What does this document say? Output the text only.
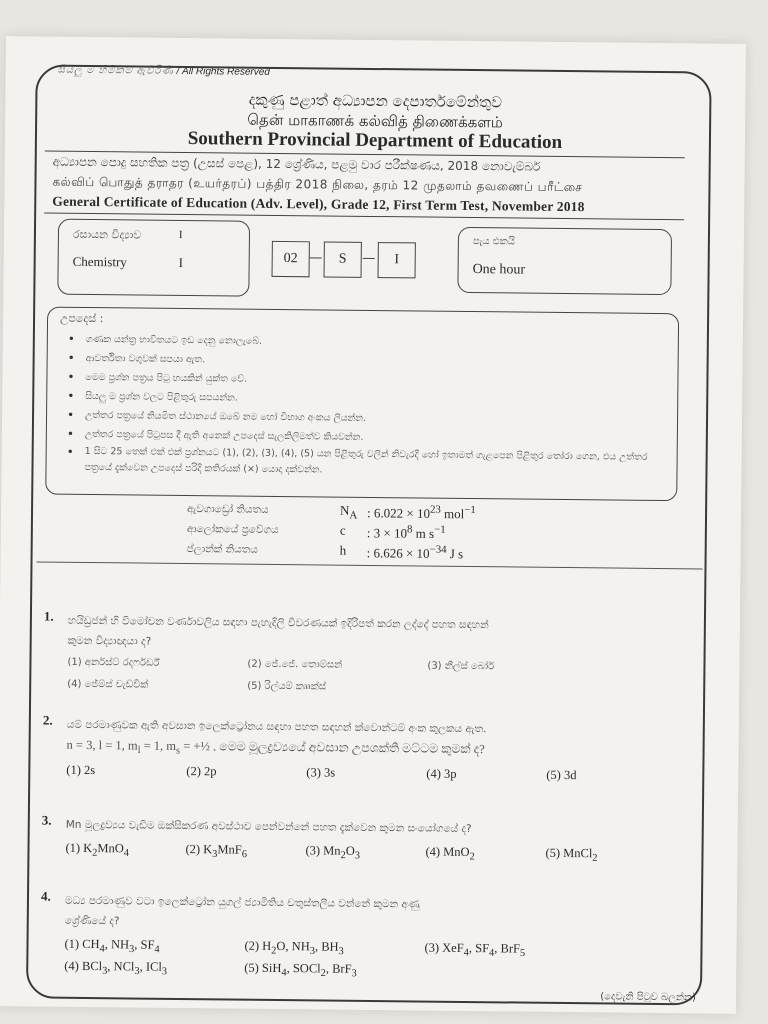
සියලු ම හිමිකම් ඇවිරිණි / All Rights Reserved
දකුණු පළාත් අධ්‍යාපන දෙපාර්තමේන්තුව
தென் மாகாணக் கல்வித் திணைக்களம்
Southern Provincial Department of Education
අධ්‍යාපන පොදු සහතික පත්‍ර (උසස් පෙළ), 12 ශ්‍රේණිය, පළමු වාර පරීක්ෂණය, 2018 නොවැම්බර්
கல்விப் பொதுத் தராதர (உயர்தரப்) பத்திர 2018 நிலை, தரம் 12 முதலாம் தவணைப் பரீட்சை
General Certificate of Education (Adv. Level), Grade 12, First Term Test, November 2018
රසායන විද්‍යාව	I
Chemistry	I	02	S	I
පැය එකයි
One hour
උපදෙස් :
• ගණක යන්ත්‍ර භාවිතයට ඉඩ දෙනු නොලැබේ.
• ආවර්තිතා වගුවක් සපයා ඇත.
• මෙම ප්‍රශ්න පත්‍රය පිටු හයකින් යුක්ත වේ.
• සියලු ම ප්‍රශ්න වලට පිළිතුරු සපයන්න.
• උත්තර පත්‍රයේ නියමිත ස්ථානයේ ඔබේ නම හෝ විභාග අංකය ලියන්න.
• උත්තර පත්‍රයේ පිටුපස දී ඇති අනෙක් උපදෙස් සැලකිලිමත්ව කියවන්න.
• 1 සිට 25 තෙක් එක් එක් ප්‍රශ්නයට (1), (2), (3), (4), (5) යන පිළිතුරු වලින් නිවැරදි හෝ ඉතාමත් ගැළපෙන පිළිතුර තෝරා ගෙන, එය උත්තර පත්‍රයේ දැක්වෙන උපදෙස් පරිදි කතිරයක් (×) යොදා දක්වන්න.
ඇවගාඩ්‍රෝ නියතය	$N_A$ : $6.022 \times 10^{23}$ mol$^{-1}$
ආලෝකයේ ප්‍රවේගය	c	: $3 \times 10^8$ m $s^{-1}$
ප්ලාන්ක් නියතය	h	: $6.626 \times 10^{-34}$ J s
1. හයිඩ්‍රජන් හි විමෝචන වර්ණාවලිය සඳහා පැහැදිලි විවරණයක් ඉදිරිපත් කරන ලද්දේ පහත සඳහන්
කුමන විද්‍යාඥයා ද?
(1) අර්නස්ට් රදර්ෆර්ඩ්	(2) ජේ.ජේ. තොම්සන්	(3) නීල්ස් බෝර්
(4) ජේම්ස් චැඩ්වික්	(5) රිල්යම් ක්‍රූක්ස්
2. යම් පරමාණුවක ඇති අවසාන ඉලෙක්ට්‍රෝනය සඳහා පහත සඳහන් ක්වොන්ටම් අංක කුලකය ඇත.
n = 3, l = 1, $m_l = 1$, $m_s$ = +½ . මෙම මූලද්‍රව්‍යයේ අවසාන උපශක්ති මට්ටම කුමක් ද?
(1) 2s	(2) 2p	(3) 3s	(4) 3p	(5) 3d
3. Mn මූලද්‍රව්‍යය වැඩිම ඔක්සිකරණ අවස්ථාව පෙන්වන්නේ පහත දැක්වෙන කුමන සංයෝගයේ ද?
(1) $K_2MnO_4$	(2) $K_3MnF_6$	(3) $Mn_2O_3$	(4) MnO$_2$	(5) MnCl$_2$
4. මධ්‍ය පරමාණුව වටා ඉලෙක්ට්‍රෝන යුගල් ජ්‍යාමිතිය චතුස්තලීය වන්නේ කුමන අණු
ශ්‍රේණියේ ද?
(1) $CH_4$, $NH_3$, $SF_4$	(2) $H_2O$, $NH_3$, $BH_3$	(3) XeF$_4$, $SF_4$, BrF$_5$
(4) BCl$_3$, NCl$_3$, ICl$_3$	(5) SiH$_4$, SOCl$_2$, BrF$_3$
(දෙවැනි පිටුව බලන්න)
